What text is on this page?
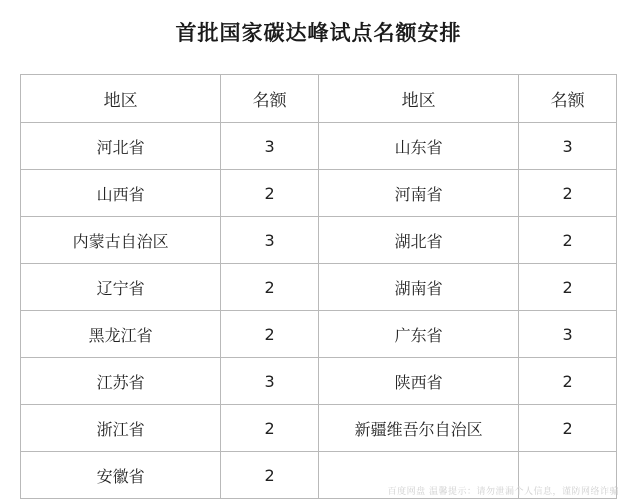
首批国家碳达峰试点名额安排
地区	名额	地区	名额
河北省	3	山东省	3
山西省	2	河南省	2
内蒙古自治区	3	湖北省	2
辽宁省	2	湖南省	2
黑龙江省	2	广东省	3
江苏省	3	陕西省	2
浙江省	2	新疆维吾尔自治区	2
安徽省	2		
百度网盘 温馨提示：请勿泄漏个人信息，谨防网络诈骗
